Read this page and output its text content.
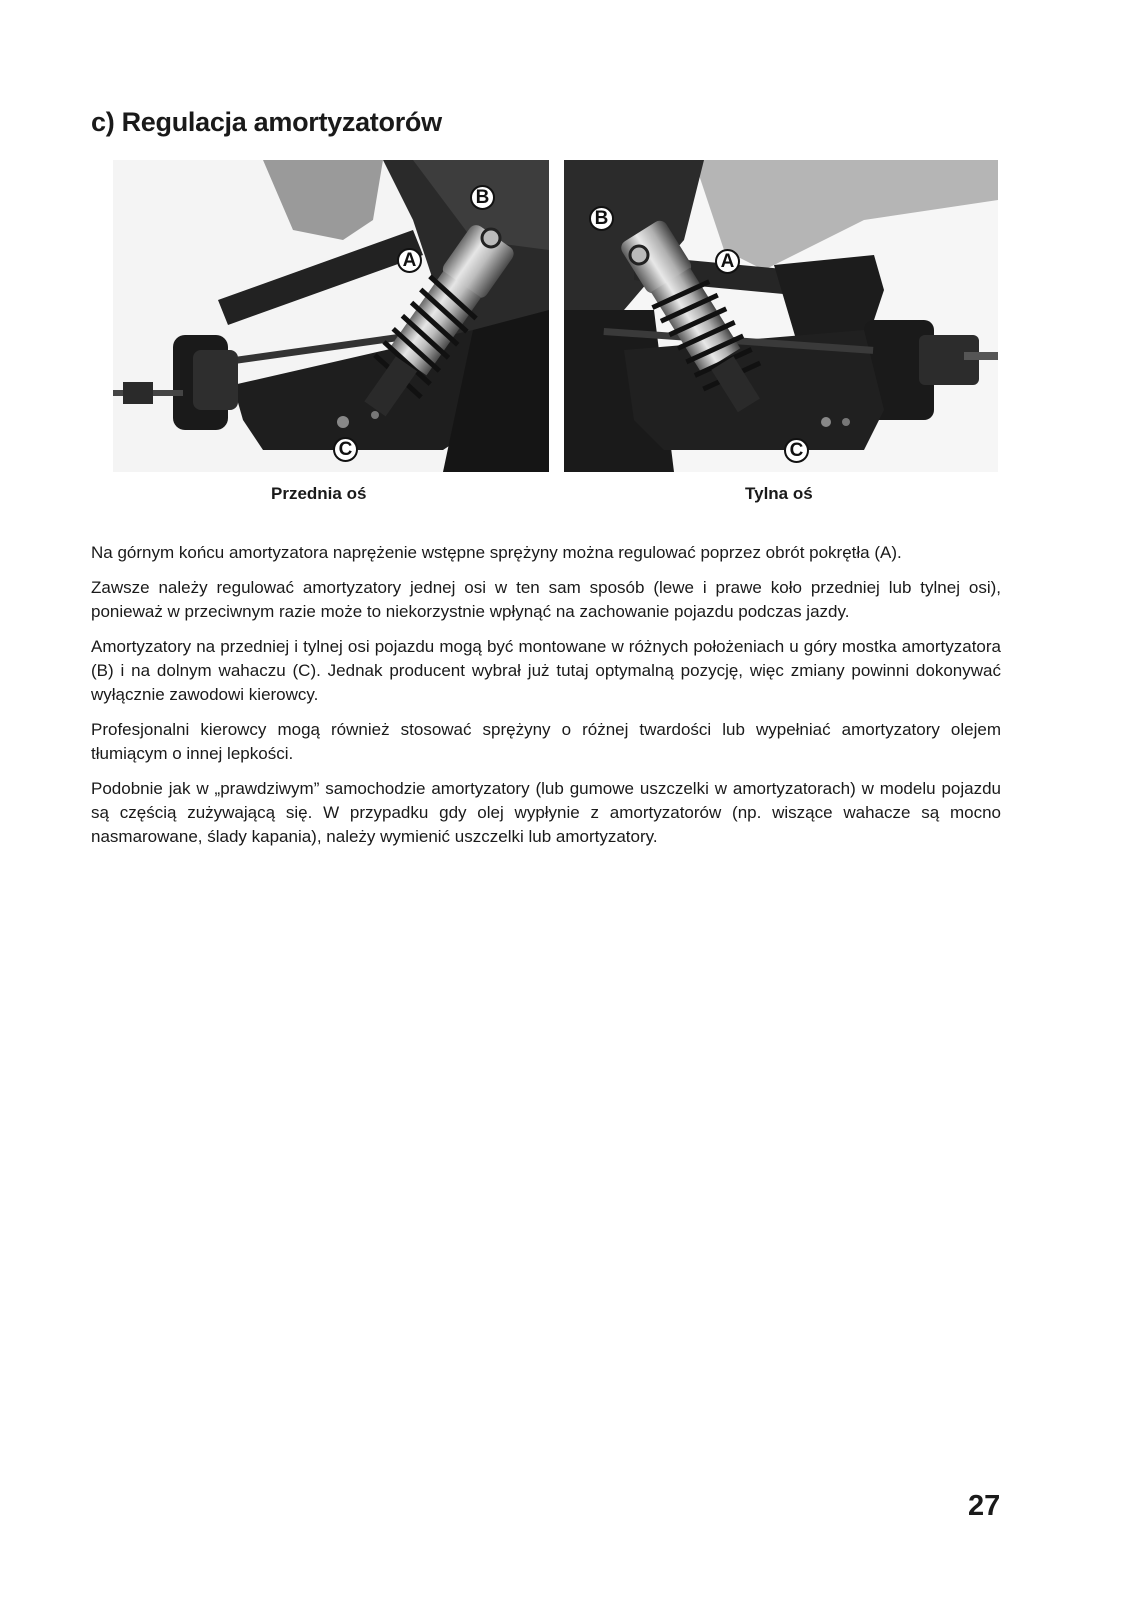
c) Regulacja amortyzatorów
B
A
C
B
A
C
Przednia oś	Tylna oś

Na górnym końcu amortyzatora naprężenie wstępne sprężyny można regulować poprzez obrót pokrętła (A).

Zawsze należy regulować amortyzatory jednej osi w ten sam sposób (lewe i prawe koło przedniej lub tylnej osi), ponieważ w przeciwnym razie może to niekorzystnie wpłynąć na zachowanie pojazdu podczas jazdy.

Amortyzatory na przedniej i tylnej osi pojazdu mogą być montowane w różnych położeniach u góry mostka amortyzatora (B) i na dolnym wahaczu (C). Jednak producent wybrał już tutaj optymalną pozycję, więc zmiany powinni dokonywać wyłącznie zawodowi kierowcy.

Profesjonalni kierowcy mogą również stosować sprężyny o różnej twardości lub wypełniać amortyzatory olejem tłumiącym o innej lepkości.

Podobnie jak w „prawdziwym” samochodzie amortyzatory (lub gumowe uszczelki w amortyzatorach) w modelu pojazdu są częścią zużywającą się. W przypadku gdy olej wypłynie z amortyzatorów (np. wiszące wahacze są mocno nasmarowane, ślady kapania), należy wymienić uszczelki lub amortyzatory.

27
